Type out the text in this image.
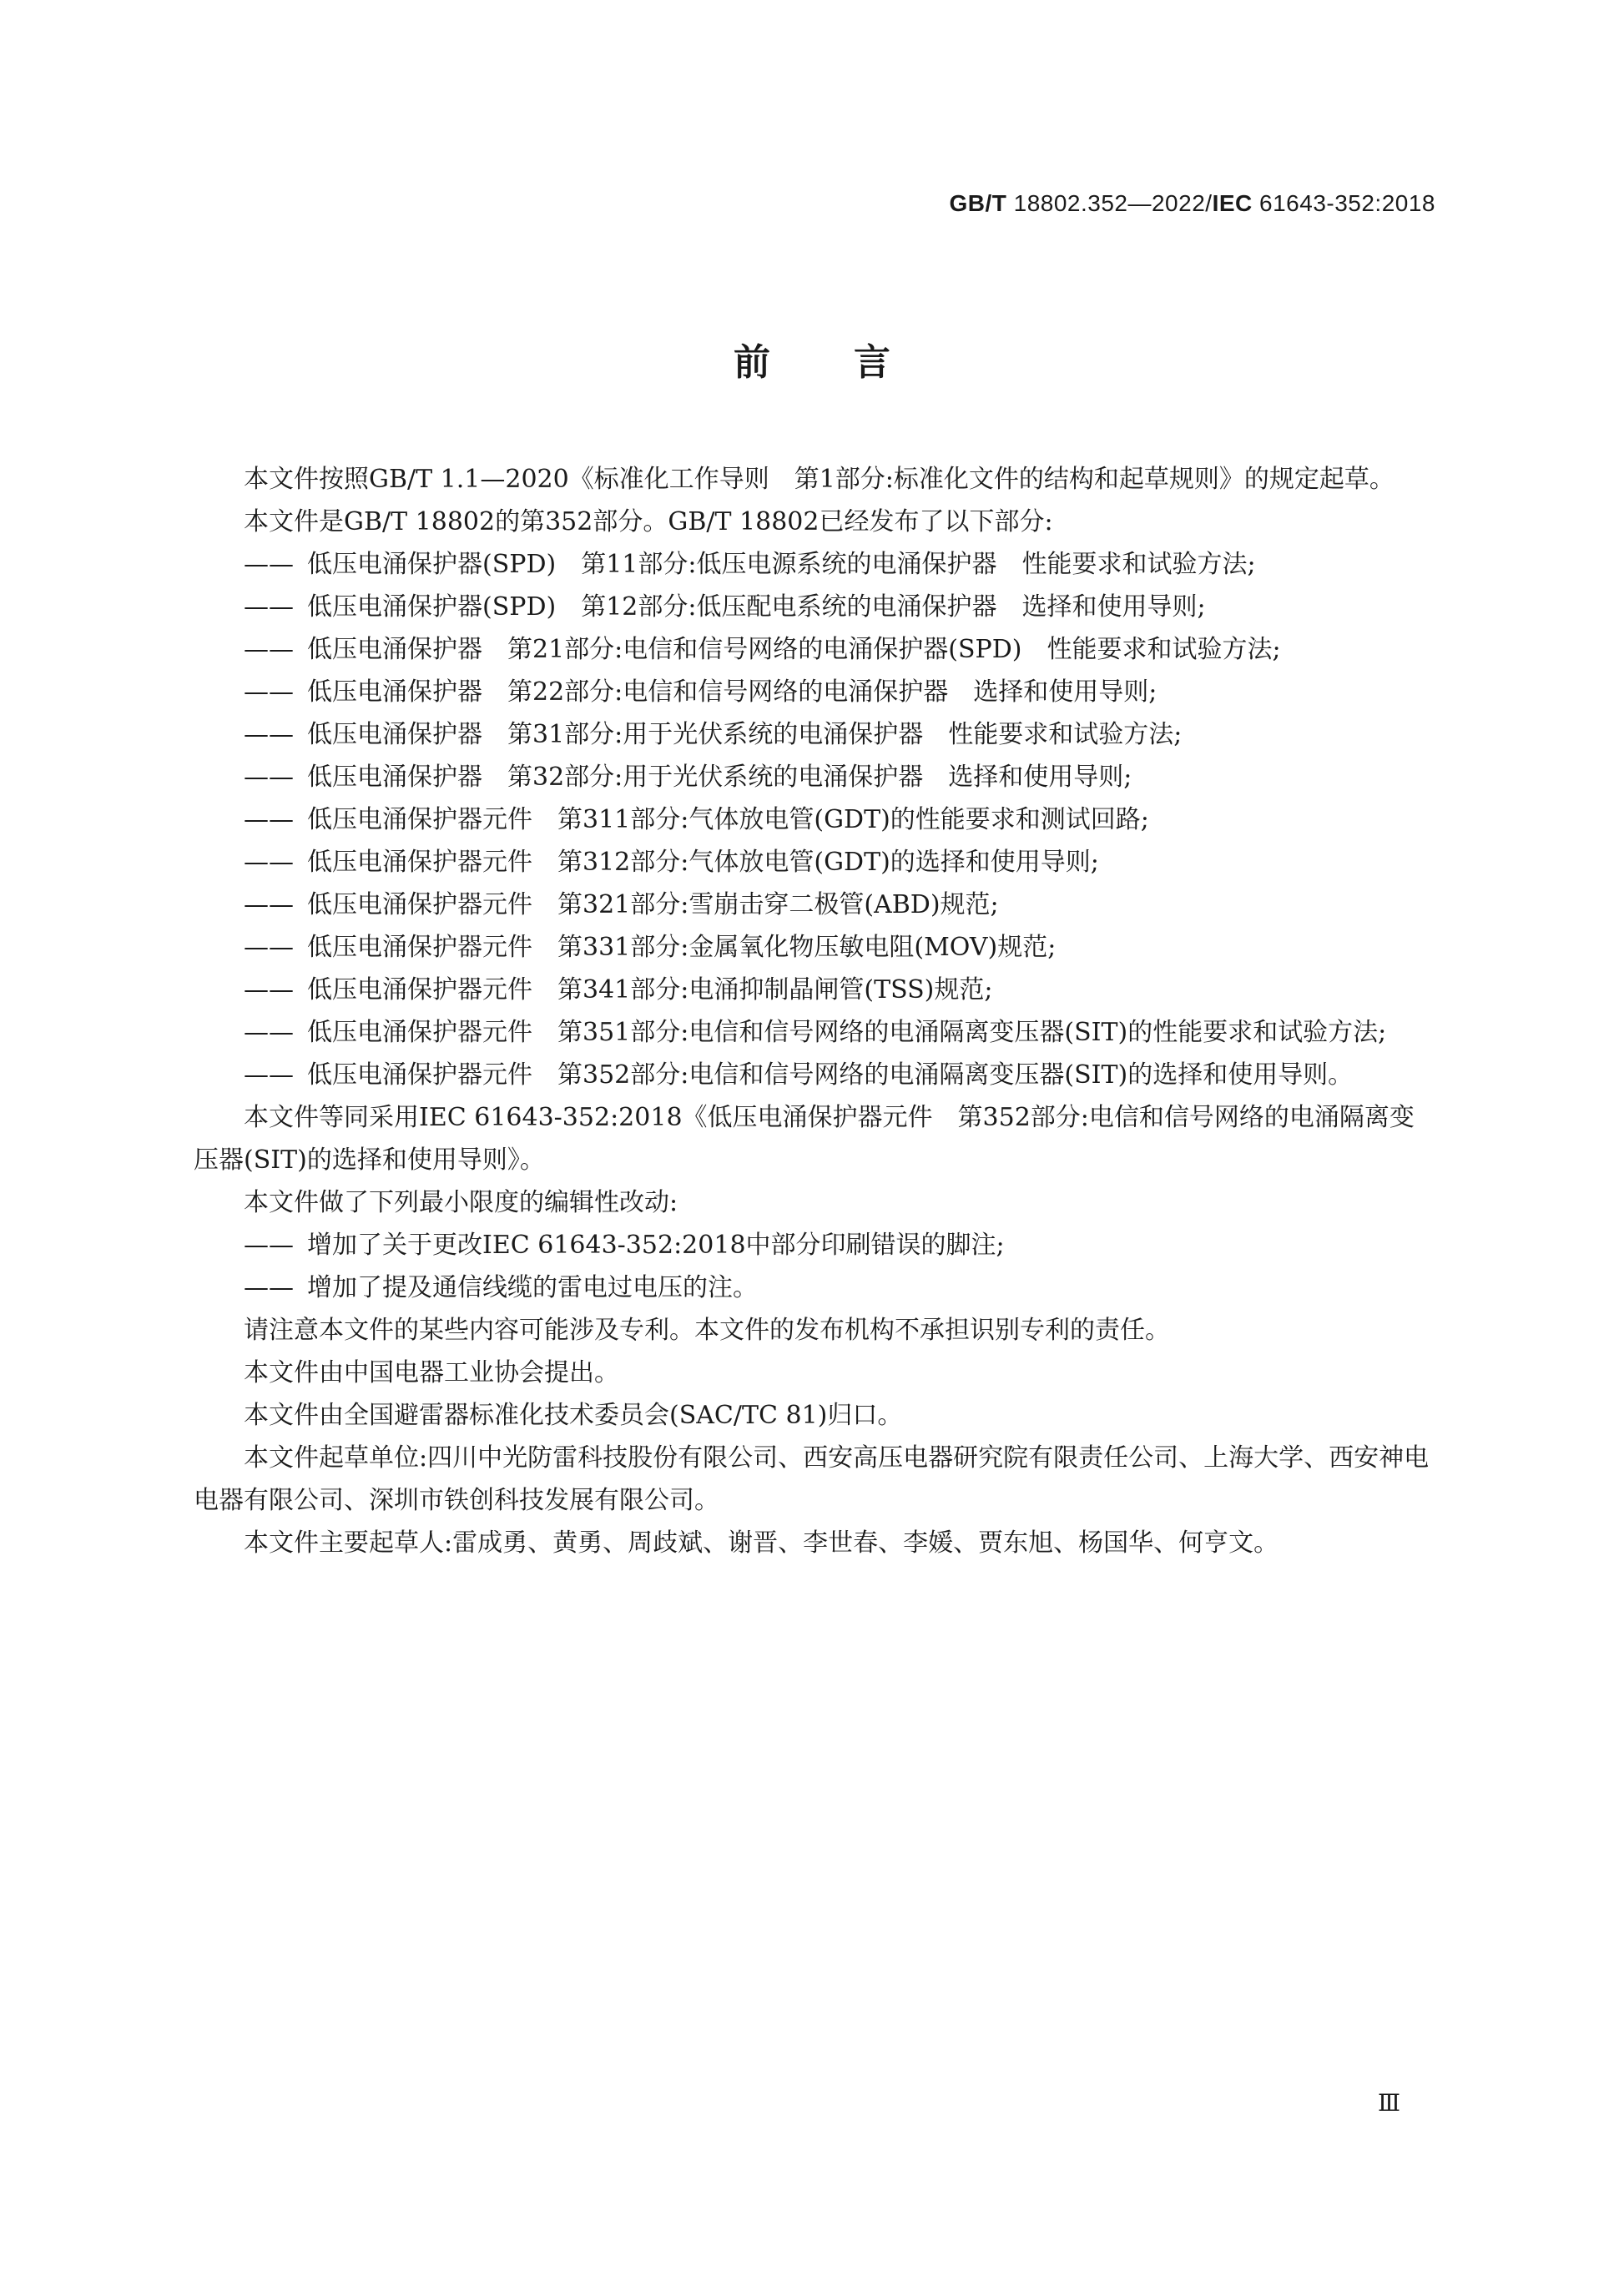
GB/T 18802.352—2022/IEC 61643-352:2018
前 言

本文件按照GB/T 1.1—2020《标准化工作导则　第1部分:标准化文件的结构和起草规则》的规定起草。

本文件是GB/T 18802的第352部分。GB/T 18802已经发布了以下部分:

—— 低压电涌保护器(SPD)　第11部分:低压电源系统的电涌保护器　性能要求和试验方法;

—— 低压电涌保护器(SPD)　第12部分:低压配电系统的电涌保护器　选择和使用导则;

—— 低压电涌保护器　第21部分:电信和信号网络的电涌保护器(SPD)　性能要求和试验方法;

—— 低压电涌保护器　第22部分:电信和信号网络的电涌保护器　选择和使用导则;

—— 低压电涌保护器　第31部分:用于光伏系统的电涌保护器　性能要求和试验方法;

—— 低压电涌保护器　第32部分:用于光伏系统的电涌保护器　选择和使用导则;

—— 低压电涌保护器元件　第311部分:气体放电管(GDT)的性能要求和测试回路;

—— 低压电涌保护器元件　第312部分:气体放电管(GDT)的选择和使用导则;

—— 低压电涌保护器元件　第321部分:雪崩击穿二极管(ABD)规范;

—— 低压电涌保护器元件　第331部分:金属氧化物压敏电阻(MOV)规范;

—— 低压电涌保护器元件　第341部分:电涌抑制晶闸管(TSS)规范;

—— 低压电涌保护器元件　第351部分:电信和信号网络的电涌隔离变压器(SIT)的性能要求和试验方法;

—— 低压电涌保护器元件　第352部分:电信和信号网络的电涌隔离变压器(SIT)的选择和使用导则。

本文件等同采用IEC 61643-352:2018《低压电涌保护器元件　第352部分:电信和信号网络的电涌隔离变压器(SIT)的选择和使用导则》。

本文件做了下列最小限度的编辑性改动:

—— 增加了关于更改IEC 61643-352:2018中部分印刷错误的脚注;

—— 增加了提及通信线缆的雷电过电压的注。

请注意本文件的某些内容可能涉及专利。本文件的发布机构不承担识别专利的责任。

本文件由中国电器工业协会提出。

本文件由全国避雷器标准化技术委员会(SAC/TC 81)归口。

本文件起草单位:四川中光防雷科技股份有限公司、西安高压电器研究院有限责任公司、上海大学、西安神电电器有限公司、深圳市铁创科技发展有限公司。

本文件主要起草人:雷成勇、黄勇、周歧斌、谢晋、李世春、李媛、贾东旭、杨国华、何亨文。

Ⅲ
